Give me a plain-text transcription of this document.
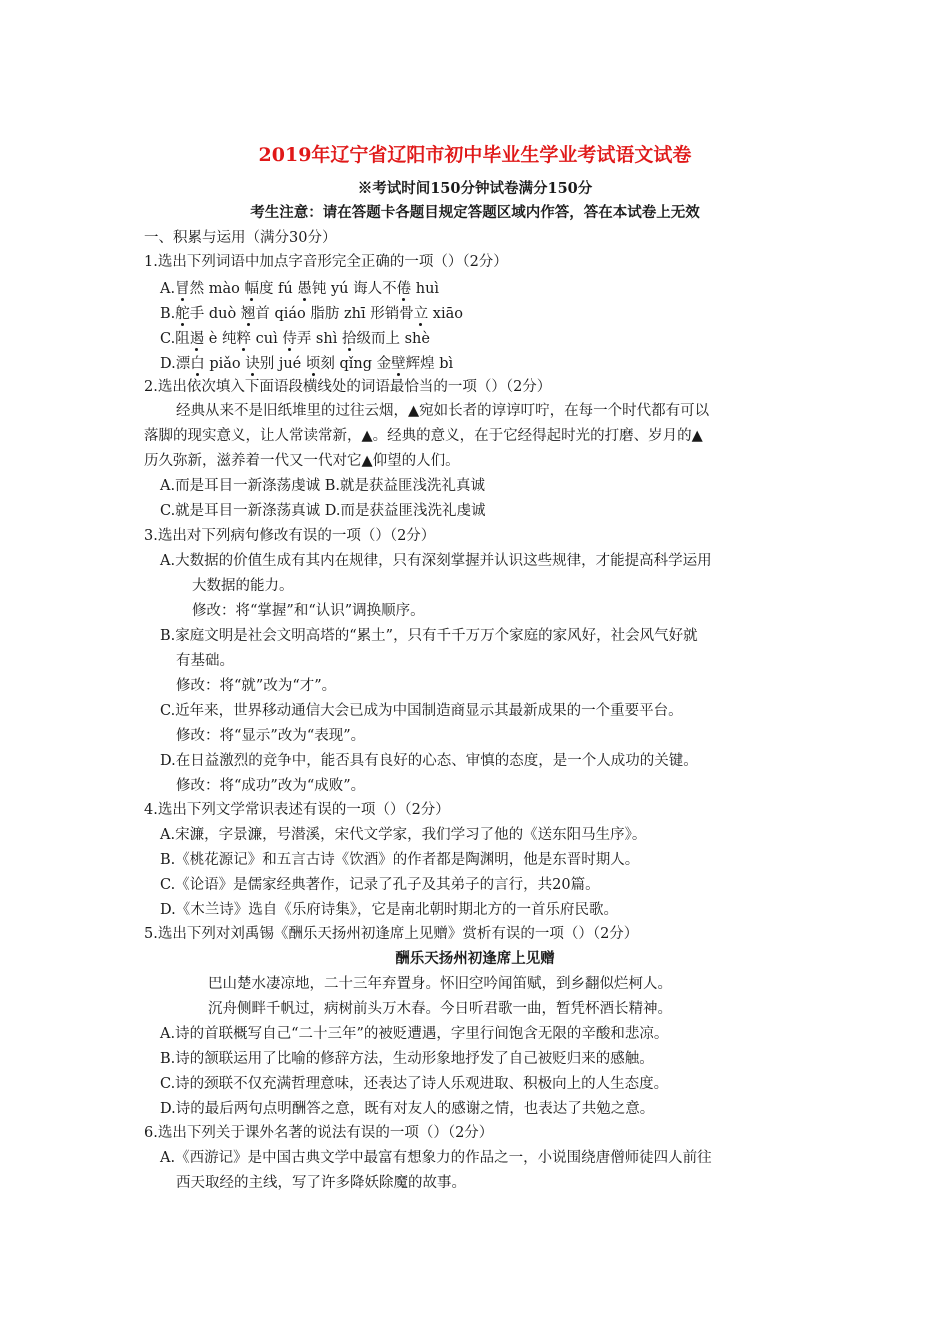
2019年辽宁省辽阳市初中毕业生学业考试语文试卷
※考试时间150分钟试卷满分150分
考生注意：请在答题卡各题目规定答题区域内作答，答在本试卷上无效
一、积累与运用（满分30分）
1.选出下列词语中加点字音形完全正确的一项（）（2分）
A.冒然 mào 幅度 fú 愚钝 yú 诲人不倦 huì
B.舵手 duò 翘首 qiáo 脂肪 zhī 形销骨立 xiāo
C.阻遏 è 纯粹 cuì 侍弄 shì 拾级而上 shè
D.漂白 piǎo 诀别 jué 顷刻 qǐng 金壁辉煌 bì
2.选出依次填入下面语段横线处的词语最恰当的一项（）（2分）
经典从来不是旧纸堆里的过往云烟，▲宛如长者的谆谆叮咛，在每一个时代都有可以
落脚的现实意义，让人常读常新，▲。经典的意义，在于它经得起时光的打磨、岁月的▲
历久弥新，滋养着一代又一代对它▲仰望的人们。
A.而是耳目一新涤荡虔诚 B.就是获益匪浅洗礼真诚
C.就是耳目一新涤荡真诚 D.而是获益匪浅洗礼虔诚
3.选出对下列病句修改有误的一项（）（2分）
A.大数据的价值生成有其内在规律，只有深刻掌握并认识这些规律，才能提高科学运用
大数据的能力。
修改：将“掌握”和“认识”调换顺序。
B.家庭文明是社会文明高塔的“累土”，只有千千万万个家庭的家风好，社会风气好就
有基础。
修改：将“就”改为“才”。
C.近年来，世界移动通信大会已成为中国制造商显示其最新成果的一个重要平台。
修改：将“显示”改为“表现”。
D.在日益激烈的竞争中，能否具有良好的心态、审慎的态度，是一个人成功的关键。
修改：将“成功”改为“成败”。
4.选出下列文学常识表述有误的一项（）（2分）
A.宋濂，字景濂，号潜溪，宋代文学家，我们学习了他的《送东阳马生序》。
B.《桃花源记》和五言古诗《饮酒》的作者都是陶渊明，他是东晋时期人。
C.《论语》是儒家经典著作，记录了孔子及其弟子的言行，共20篇。
D.《木兰诗》选自《乐府诗集》，它是南北朝时期北方的一首乐府民歌。
5.选出下列对刘禹锡《酬乐天扬州初逢席上见赠》赏析有误的一项（）（2分）
酬乐天扬州初逢席上见赠
巴山楚水凄凉地，二十三年弃置身。怀旧空吟闻笛赋，到乡翻似烂柯人。
沉舟侧畔千帆过，病树前头万木春。今日听君歌一曲，暂凭杯酒长精神。
A.诗的首联概写自己“二十三年”的被贬遭遇，字里行间饱含无限的辛酸和悲凉。
B.诗的颔联运用了比喻的修辞方法，生动形象地抒发了自己被贬归来的感触。
C.诗的颈联不仅充满哲理意味，还表达了诗人乐观进取、积极向上的人生态度。
D.诗的最后两句点明酬答之意，既有对友人的感谢之情，也表达了共勉之意。
6.选出下列关于课外名著的说法有误的一项（）（2分）
A.《西游记》是中国古典文学中最富有想象力的作品之一，小说围绕唐僧师徒四人前往
西天取经的主线，写了许多降妖除魔的故事。
